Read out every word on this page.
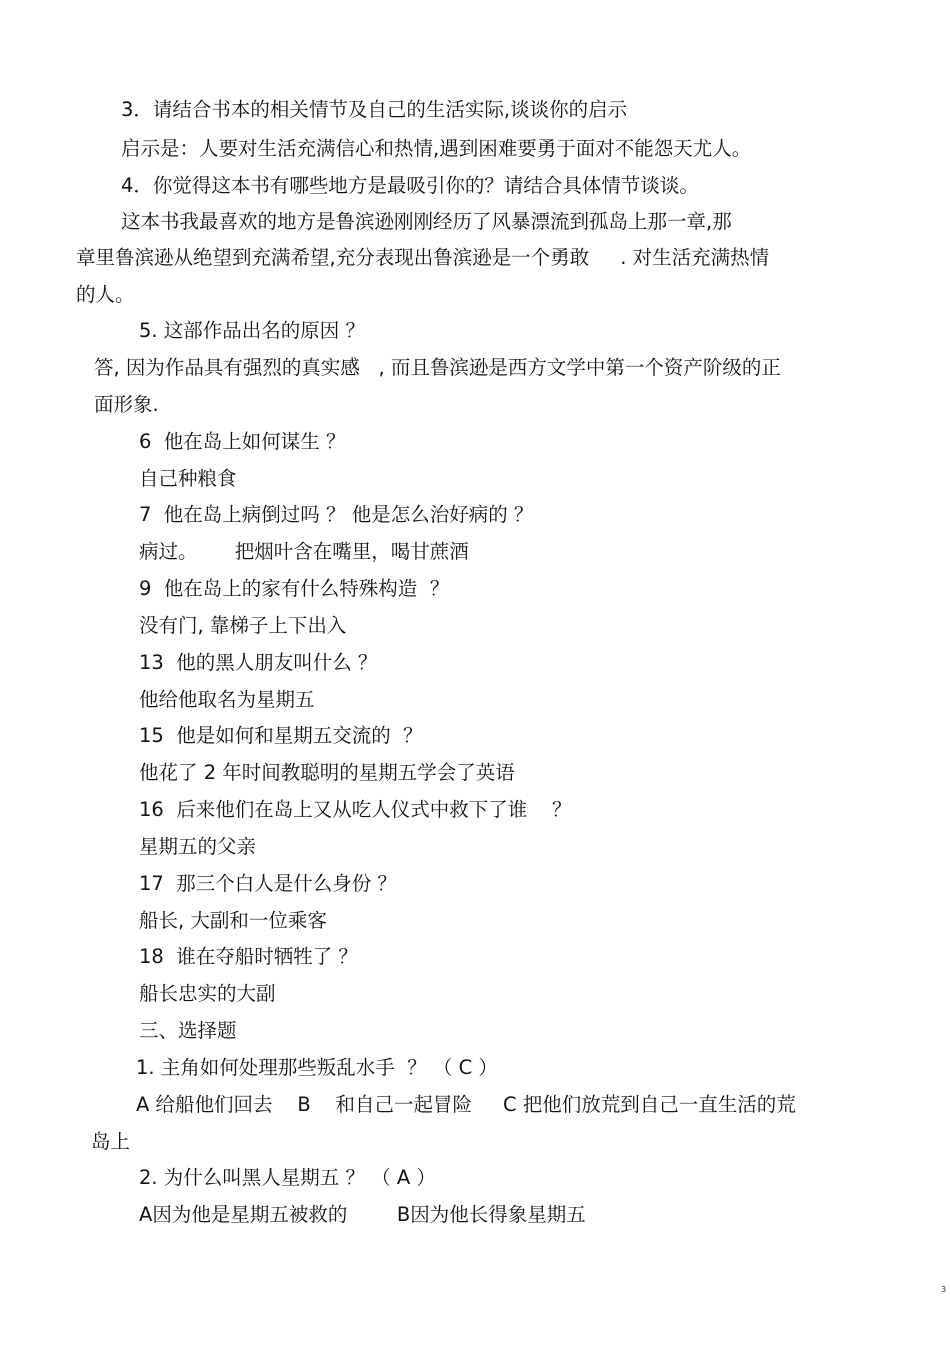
3．请结合书本的相关情节及自己的生活实际,谈谈你的启示
启示是：人要对生活充满信心和热情,遇到困难要勇于面对不能怨天尤人。
4．你觉得这本书有哪些地方是最吸引你的？请结合具体情节谈谈。
这本书我最喜欢的地方是鲁滨逊刚刚经历了风暴漂流到孤岛上那一章,那
章里鲁滨逊从绝望到充满希望,充分表现出鲁滨逊是一个勇敢     . 对生活充满热情
的人。
5. 这部作品出名的原因 ？
答, 因为作品具有强烈的真实感   , 而且鲁滨逊是西方文学中第一个资产阶级的正
面形象.
6  他在岛上如何谋生 ？
自己种粮食
7  他在岛上病倒过吗 ？ 他是怎么治好病的 ？
病过。      把烟叶含在嘴里，喝甘蔗酒
9  他在岛上的家有什么特殊构造  ？
没有门, 靠梯子上下出入
13  他的黑人朋友叫什么 ？
他给他取名为星期五
15  他是如何和星期五交流的  ？
他花了 2 年时间教聪明的星期五学会了英语
16  后来他们在岛上又从吃人仪式中救下了谁    ？
星期五的父亲
17  那三个白人是什么身份 ？
船长, 大副和一位乘客
18  谁在夺船时牺牲了 ？
船长忠实的大副
三、选择题
1. 主角如何处理那些叛乱水手  ？ （ C ）
A 给船他们回去    B    和自己一起冒险     C 把他们放荒到自己一直生活的荒
岛上
2. 为什么叫黑人星期五 ？ （ A ）
A因为他是星期五被救的        B因为他长得象星期五
3
